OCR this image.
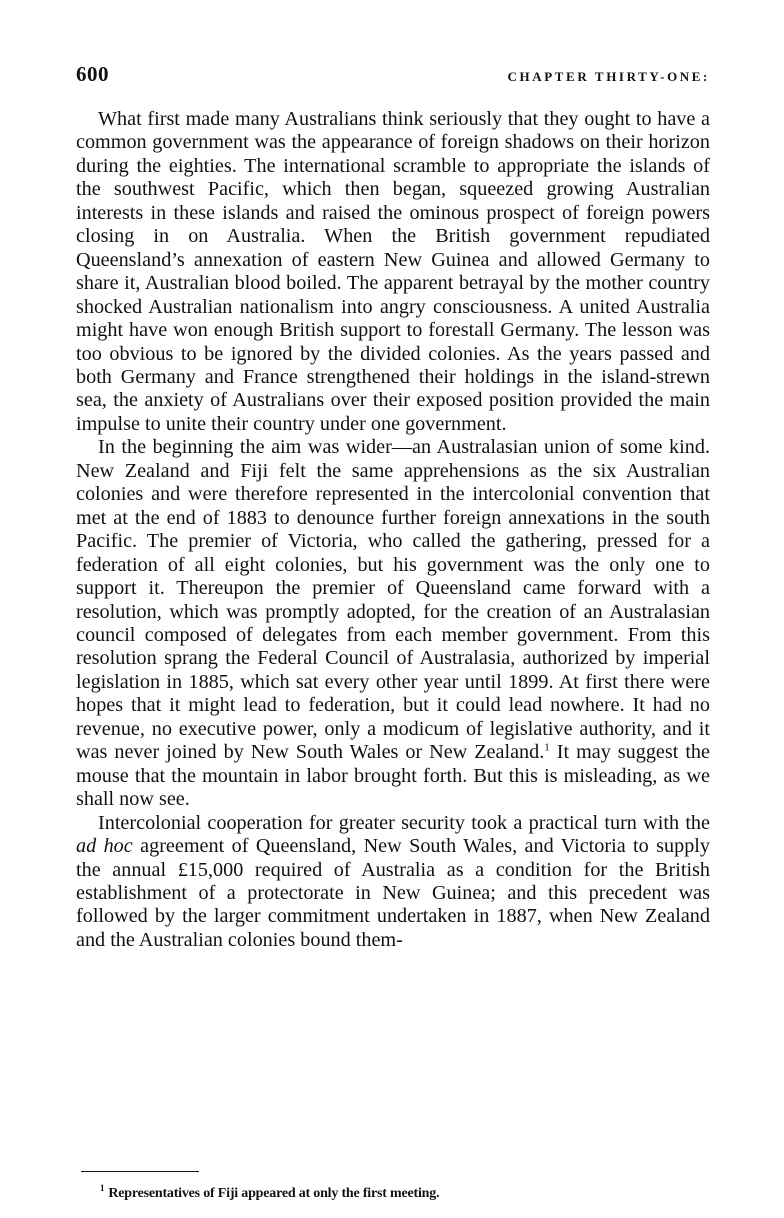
600	CHAPTER THIRTY-ONE:

What first made many Australians think seriously that they ought to have a common government was the appearance of foreign shadows on their horizon during the eighties. The international scramble to appropriate the islands of the southwest Pacific, which then began, squeezed growing Australian interests in these islands and raised the ominous prospect of foreign powers closing in on Australia. When the British government repudiated Queensland’s annexation of eastern New Guinea and allowed Germany to share it, Australian blood boiled. The apparent betrayal by the mother country shocked Australian nationalism into angry consciousness. A united Australia might have won enough British support to forestall Germany. The lesson was too obvious to be ignored by the divided colonies. As the years passed and both Germany and France strengthened their holdings in the island-strewn sea, the anxiety of Australians over their exposed position provided the main impulse to unite their country under one government.

In the beginning the aim was wider—an Australasian union of some kind. New Zealand and Fiji felt the same apprehensions as the six Australian colonies and were therefore represented in the intercolonial convention that met at the end of 1883 to denounce further foreign annexations in the south Pacific. The premier of Victoria, who called the gathering, pressed for a federation of all eight colonies, but his government was the only one to support it. Thereupon the premier of Queensland came forward with a resolution, which was promptly adopted, for the creation of an Australasian council composed of delegates from each member government. From this resolution sprang the Federal Council of Australasia, authorized by imperial legislation in 1885, which sat every other year until 1899. At first there were hopes that it might lead to federation, but it could lead nowhere. It had no revenue, no executive power, only a modicum of legislative authority, and it was never joined by New South Wales or New Zealand.$^1$ It may suggest the mouse that the mountain in labor brought forth. But this is misleading, as we shall now see.

Intercolonial cooperation for greater security took a practical turn with the ad hoc agreement of Queensland, New South Wales, and Victoria to supply the annual £15,000 required of Australia as a condition for the British establishment of a protectorate in New Guinea; and this precedent was followed by the larger commitment undertaken in 1887, when New Zealand and the Australian colonies bound them-

$^1$ Representatives of Fiji appeared at only the first meeting.
